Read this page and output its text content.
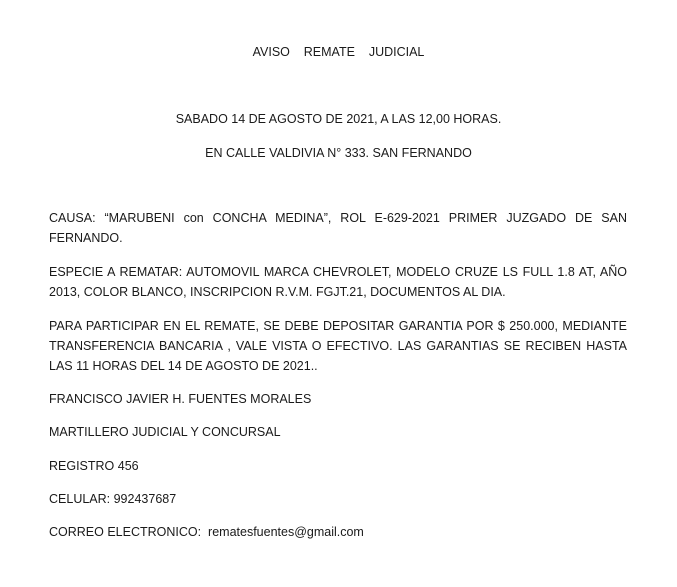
AVISO    REMATE    JUDICIAL
SABADO 14 DE AGOSTO DE 2021, A LAS 12,00 HORAS.
EN CALLE VALDIVIA N° 333. SAN FERNANDO
CAUSA: “MARUBENI con CONCHA MEDINA”, ROL E-629-2021 PRIMER JUZGADO DE SAN FERNANDO.
ESPECIE A REMATAR: AUTOMOVIL MARCA CHEVROLET, MODELO CRUZE LS FULL 1.8 AT, AÑO 2013, COLOR BLANCO, INSCRIPCION R.V.M. FGJT.21, DOCUMENTOS AL DIA.
PARA PARTICIPAR EN EL REMATE, SE DEBE DEPOSITAR GARANTIA POR $ 250.000, MEDIANTE TRANSFERENCIA BANCARIA , VALE VISTA O EFECTIVO. LAS GARANTIAS SE RECIBEN HASTA LAS 11 HORAS DEL 14 DE AGOSTO DE 2021..
FRANCISCO JAVIER H. FUENTES MORALES
MARTILLERO JUDICIAL Y CONCURSAL
REGISTRO 456
CELULAR: 992437687
CORREO ELECTRONICO:  rematesfuentes@gmail.com
